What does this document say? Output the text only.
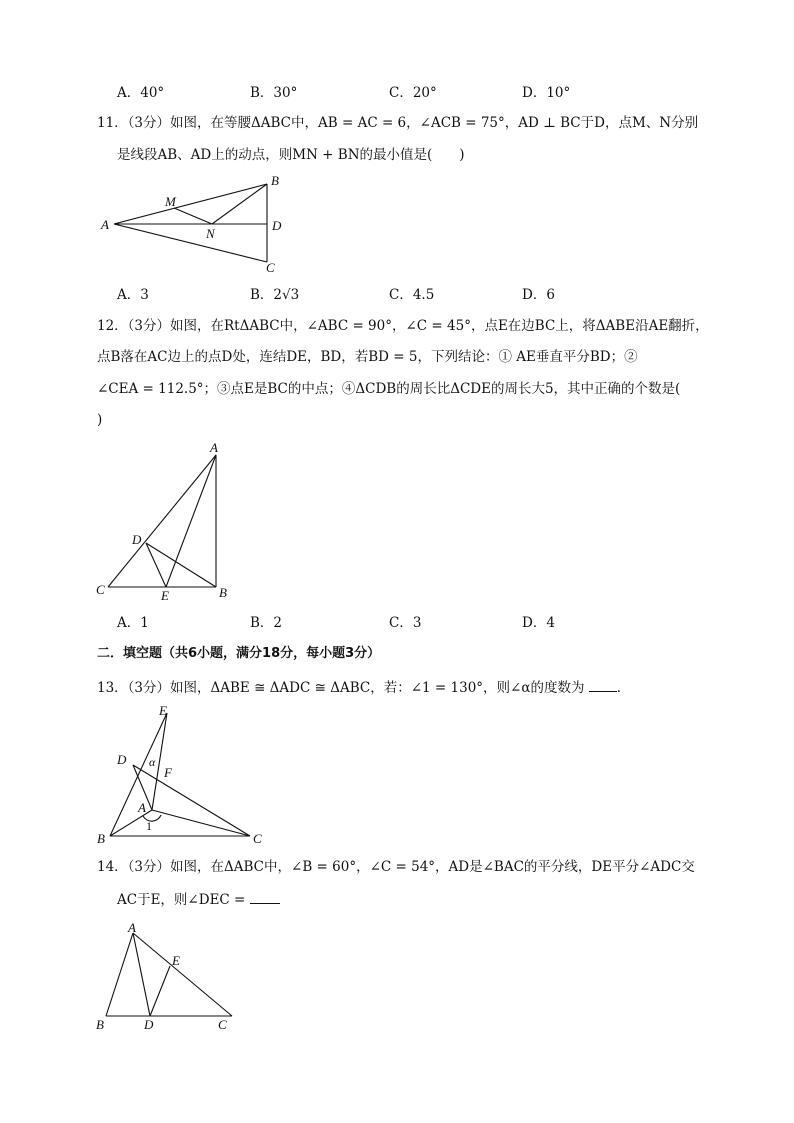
A．40°	B．30°	C．20°	D．10°
11．（3分）如图，在等腰ΔABC中，AB = AC = 6，∠ACB = 75°，AD ⊥ BC于D，点M、N分别
是线段AB、AD上的动点，则MN + BN的最小值是(　　)
A
B
D
C
M
N
A．3	B．2√3	C．4.5	D．6
12．（3分）如图，在RtΔABC中，∠ABC = 90°，∠C = 45°，点E在边BC上，将ΔABE沿AE翻折，
点B落在AC边上的点D处，连结DE，BD，若BD = 5，下列结论：① AE垂直平分BD；②
∠CEA = 112.5°；③点E是BC的中点；④ΔCDB的周长比ΔCDE的周长大5，其中正确的个数是(
)
A
D
C	E	B
A．1	B．2	C．3	D．4
二．填空题（共6小题，满分18分，每小题3分）
13．（3分）如图，ΔABE ≅ ΔADC ≅ ΔABC，若：∠1 = 130°，则∠α的度数为 ．
E
D α
F
A
1
B	C
14．（3分）如图，在ΔABC中，∠B = 60°，∠C = 54°，AD是∠BAC的平分线，DE平分∠ADC交
AC于E，则∠DEC =
A
E
B	D	C
